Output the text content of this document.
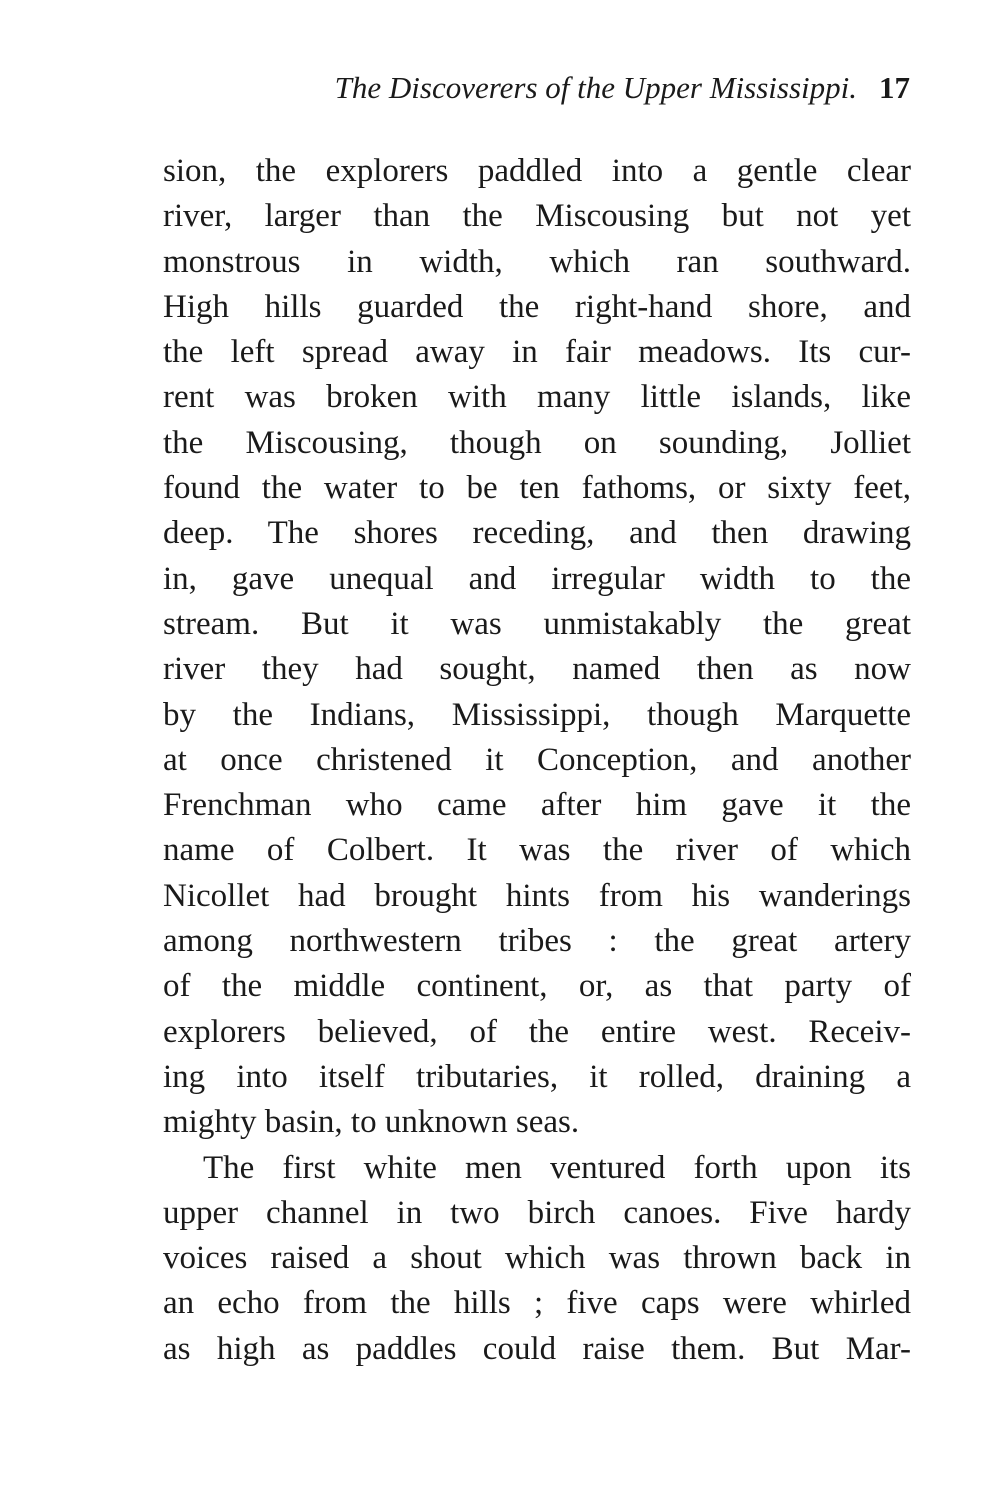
The Discoverers of the Upper Mississippi. 17
sion, the explorers paddled into a gentle clear
river, larger than the Miscousing but not yet
monstrous in width, which ran southward.
High hills guarded the right-hand shore, and
the left spread away in fair meadows. Its cur-
rent was broken with many little islands, like
the Miscousing, though on sounding, Jolliet
found the water to be ten fathoms, or sixty feet,
deep. The shores receding, and then drawing
in, gave unequal and irregular width to the
stream. But it was unmistakably the great
river they had sought, named then as now
by the Indians, Mississippi, though Marquette
at once christened it Conception, and another
Frenchman who came after him gave it the
name of Colbert. It was the river of which
Nicollet had brought hints from his wanderings
among northwestern tribes : the great artery
of the middle continent, or, as that party of
explorers believed, of the entire west. Receiv-
ing into itself tributaries, it rolled, draining a
mighty basin, to unknown seas.
The first white men ventured forth upon its
upper channel in two birch canoes. Five hardy
voices raised a shout which was thrown back in
an echo from the hills ; five caps were whirled
as high as paddles could raise them. But Mar-
